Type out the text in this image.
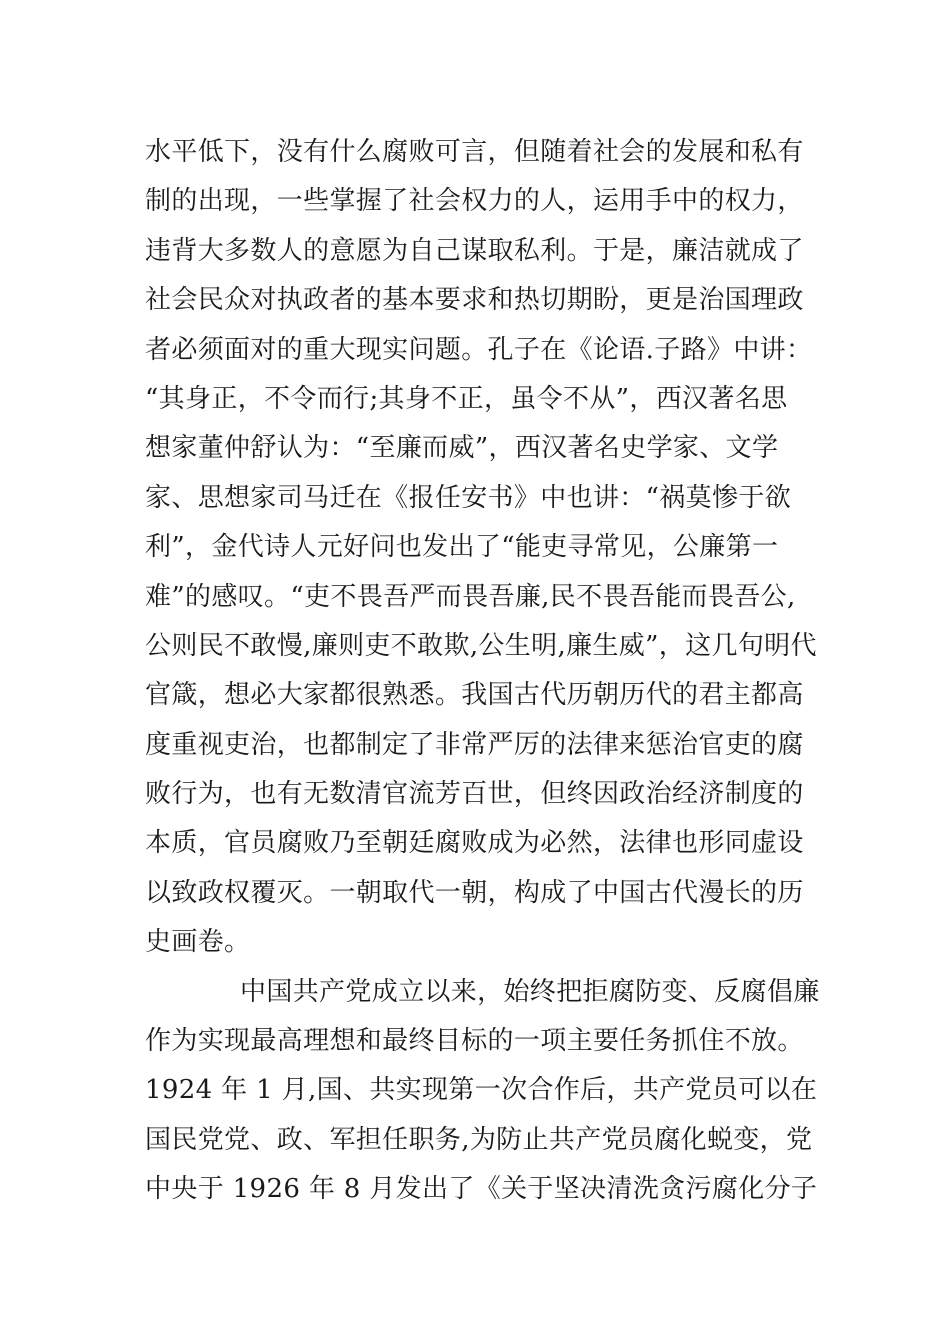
水平低下，没有什么腐败可言，但随着社会的发展和私有
制的出现，一些掌握了社会权力的人，运用手中的权力，
违背大多数人的意愿为自己谋取私利。于是，廉洁就成了
社会民众对执政者的基本要求和热切期盼，更是治国理政
者必须面对的重大现实问题。孔子在《论语.子路》中讲：
“其身正，不令而行;其身不正，虽令不从”，西汉著名思
想家董仲舒认为：“至廉而威”，西汉著名史学家、文学
家、思想家司马迁在《报任安书》中也讲：“祸莫惨于欲
利”，金代诗人元好问也发出了“能吏寻常见，公廉第一
难”的感叹。“吏不畏吾严而畏吾廉,民不畏吾能而畏吾公,
公则民不敢慢,廉则吏不敢欺,公生明,廉生威”，这几句明代
官箴，想必大家都很熟悉。我国古代历朝历代的君主都高
度重视吏治，也都制定了非常严厉的法律来惩治官吏的腐
败行为，也有无数清官流芳百世，但终因政治经济制度的
本质，官员腐败乃至朝廷腐败成为必然，法律也形同虚设
以致政权覆灭。一朝取代一朝，构成了中国古代漫长的历
史画卷。
中国共产党成立以来，始终把拒腐防变、反腐倡廉
作为实现最高理想和最终目标的一项主要任务抓住不放。
1924 年 1 月,国、共实现第一次合作后，共产党员可以在
国民党党、政、军担任职务,为防止共产党员腐化蜕变，党
中央于 1926 年 8 月发出了《关于坚决清洗贪污腐化分子
